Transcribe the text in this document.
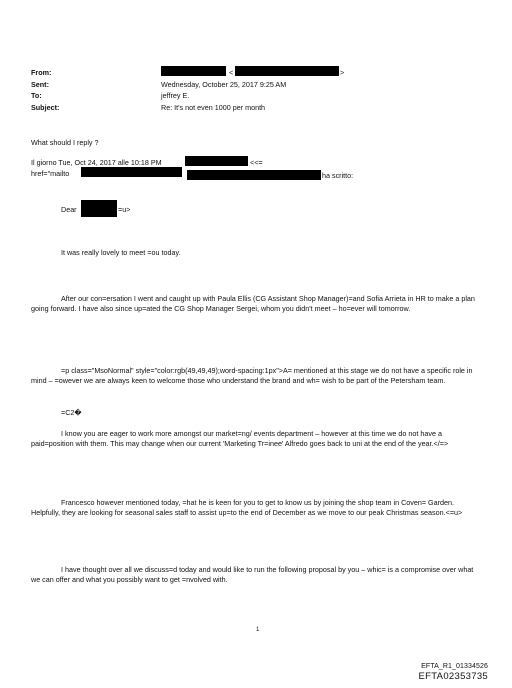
From:	<	>
Sent:	Wednesday, October 25, 2017 9:25 AM
To:	jeffrey E.
Subject:	Re: It's not even 1000 per month
What should I reply ?
Il giorno Tue, Oct 24, 2017 alle 10:18 PM	<<=
href="mailto	ha scritto:
Dear	=u>
It was really lovely to meet =ou today.
After our con=ersation I went and caught up with Paula Ellis (CG Assistant Shop Manager)=and Sofia Arrieta in HR to make a plan going forward. I have also since up=ated the CG Shop Manager Sergei, whom you didn't meet – ho=ever will tomorrow.
=p class="MsoNormal" style="color:rgb(49,49,49);word-spacing:1px">A= mentioned at this stage we do not have a specific role in mind – =owever we are always keen to welcome those who understand the brand and wh= wish to be part of the Petersham team.
=C2�
I know you are eager to work more amongst our market=ng/ events department – however at this time we do not have a paid=position with them. This may change when our current 'Marketing Tr=inee' Alfredo goes back to uni at the end of the year.</=>
Francesco however mentioned today, =hat he is keen for you to get to know us by joining the shop team in Coven= Garden. Helpfully, they are looking for seasonal sales staff to assist up=to the end of December as we move to our peak Christmas season.<=u>
I have thought over all we discuss=d today and would like to run the following proposal by you – whic= is a compromise over what we can offer and what you possibly want to get =nvolved with.
1
EFTA_R1_01334526
EFTA02353735
